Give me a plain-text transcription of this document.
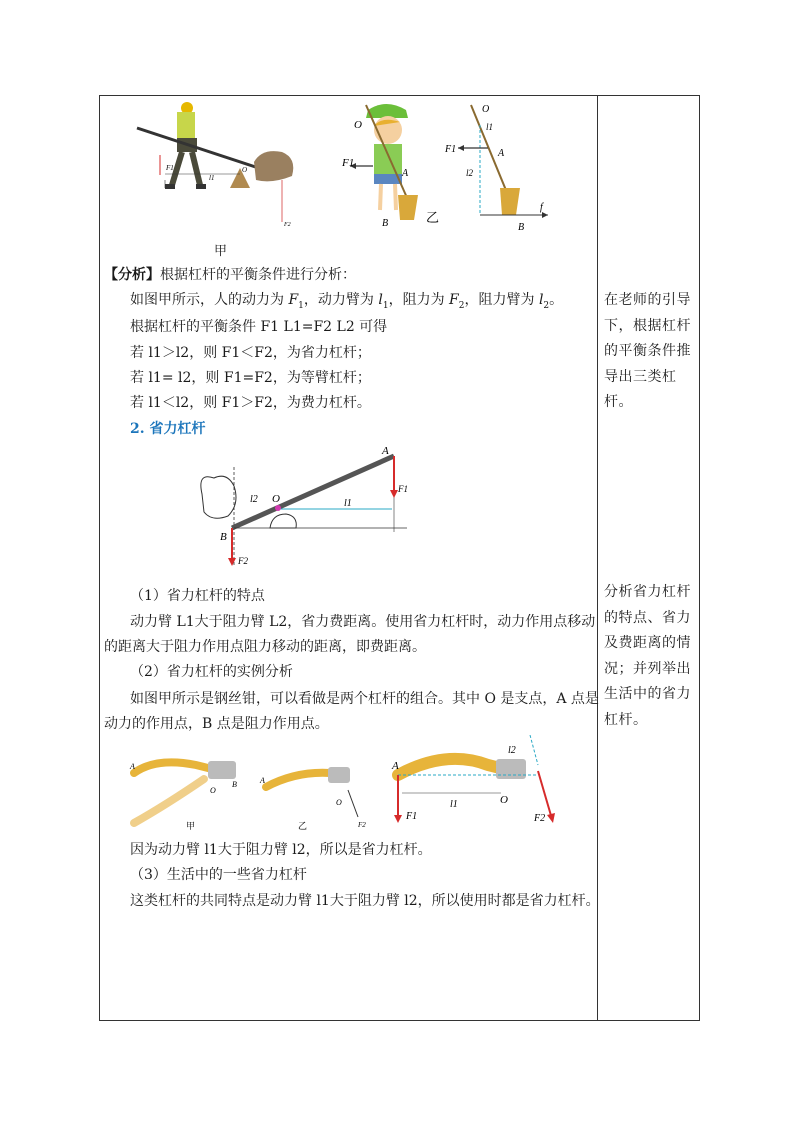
F1
l1
O
F2
甲
O
F1
A
B	乙
l1
l2
O
F1	A
B
f
【分析】根据杠杆的平衡条件进行分析：
如图甲所示，人的动力为 $F_1$，动力臂为 $l_1$，阻力为 $F_2$，阻力臂为 $l_2$。
根据杠杆的平衡条件 F1 L1=F2 L2 可得
若 l1＞l2，则 F1＜F2，为省力杠杆；
若 l1= l2，则 F1=F2，为等臂杠杆；
若 l1＜l2，则 F1＞F2，为费力杠杆。
2. 省力杠杆
A
F1
O
l2	l1
B
F2
（1）省力杠杆的特点
动力臂 L1大于阻力臂 L2，省力费距离。使用省力杠杆时，动力作用点移动
的距离大于阻力作用点阻力移动的距离，即费距离。
（2）省力杠杆的实例分析
如图甲所示是钢丝钳，可以看做是两个杠杆的组合。其中 O 是支点，A 点是
动力的作用点，B 点是阻力作用点。
A
O
B
甲
A
O
F2
乙
A
F1
l1	O
l2
F2
因为动力臂 l1大于阻力臂 l2，所以是省力杠杆。
（3）生活中的一些省力杠杆
这类杠杆的共同特点是动力臂 l1大于阻力臂 l2，所以使用时都是省力杠杆。
在老师的引导下，根据杠杆的平衡条件推导出三类杠杆。
分析省力杠杆的特点、省力及费距离的情况；并列举出生活中的省力杠杆。
